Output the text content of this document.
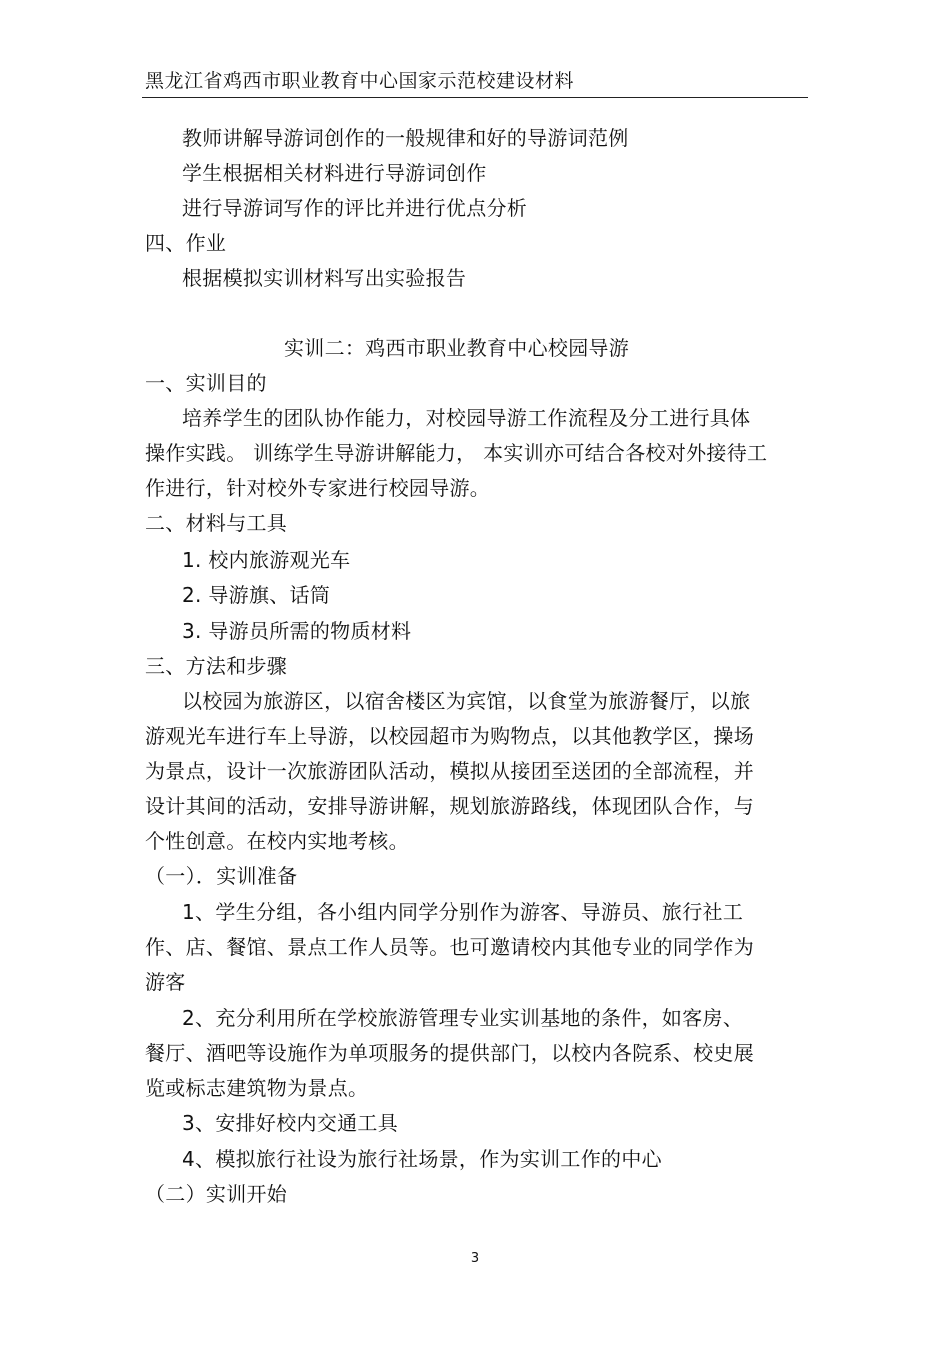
黑龙江省鸡西市职业教育中心国家示范校建设材料
教师讲解导游词创作的一般规律和好的导游词范例
学生根据相关材料进行导游词创作
进行导游词写作的评比并进行优点分析
四、作业
根据模拟实训材料写出实验报告
实训二：鸡西市职业教育中心校园导游
一、实训目的
培养学生的团队协作能力，对校园导游工作流程及分工进行具体
操作实践。 训练学生导游讲解能力， 本实训亦可结合各校对外接待工
作进行，针对校外专家进行校园导游。
二、材料与工具
1. 校内旅游观光车
2. 导游旗、话筒
3. 导游员所需的物质材料
三、方法和步骤
以校园为旅游区，以宿舍楼区为宾馆，以食堂为旅游餐厅，以旅
游观光车进行车上导游，以校园超市为购物点，以其他教学区，操场
为景点，设计一次旅游团队活动，模拟从接团至送团的全部流程，并
设计其间的活动，安排导游讲解，规划旅游路线，体现团队合作，与
个性创意。在校内实地考核。
（一）．实训准备
1、学生分组，各小组内同学分别作为游客、导游员、旅行社工
作、店、餐馆、景点工作人员等。也可邀请校内其他专业的同学作为
游客
2、充分利用所在学校旅游管理专业实训基地的条件，如客房、
餐厅、酒吧等设施作为单项服务的提供部门，以校内各院系、校史展
览或标志建筑物为景点。
3、安排好校内交通工具
4、模拟旅行社设为旅行社场景，作为实训工作的中心
（二）实训开始
3
